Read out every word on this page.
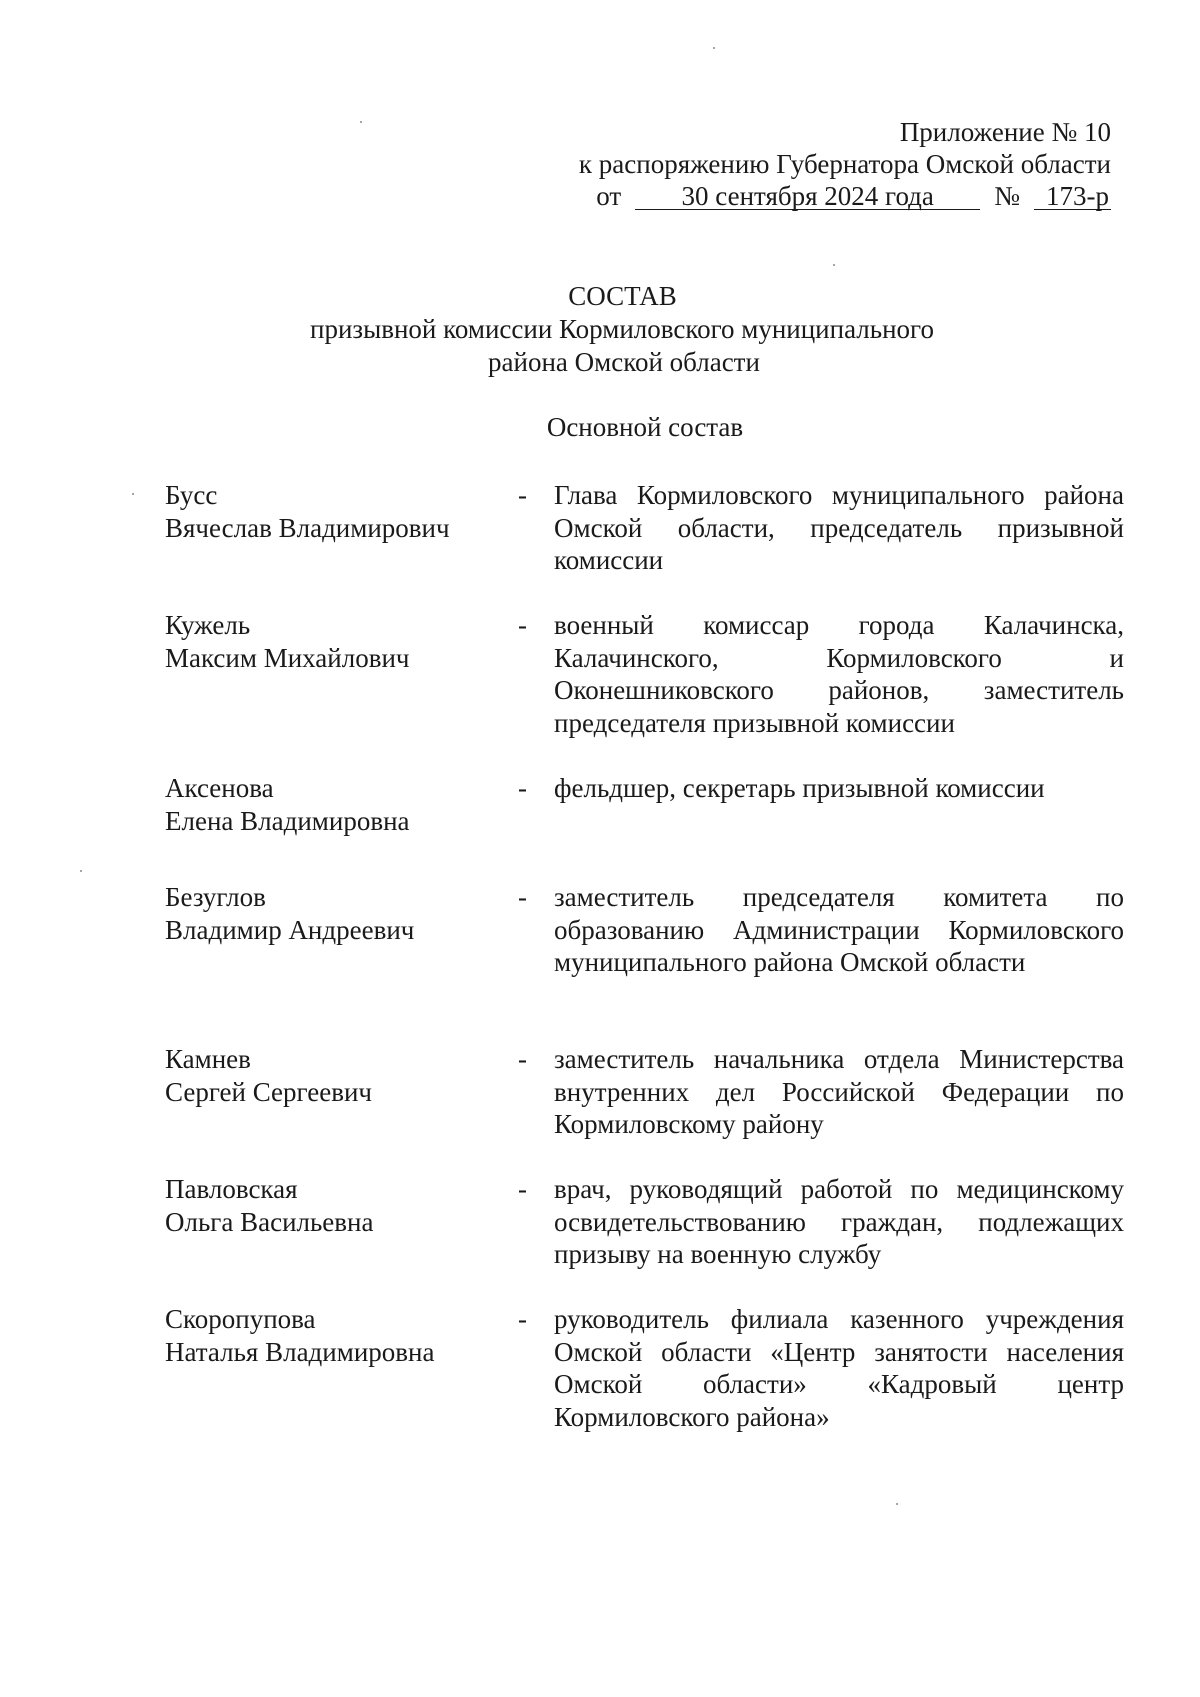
Приложение № 10
к распоряжению Губернатора Омской области
от 30 сентября 2024 года № 173-р
СОСТАВ
призывной комиссии Кормиловского муниципального
района Омской области
Основной состав
Бусс
Вячеслав Владимирович
- Глава Кормиловского муниципального района Омской области, председатель призывной комиссии
Кужель
Максим Михайлович
- военный комиссар города Калачинска, Калачинского, Кормиловского и Оконешниковского районов, заместитель председателя призывной комиссии
Аксенова
Елена Владимировна
- фельдшер, секретарь призывной комиссии
Безуглов
Владимир Андреевич
- заместитель председателя комитета по образованию Администрации Кормиловского муниципального района Омской области
Камнев
Сергей Сергеевич
- заместитель начальника отдела Министерства внутренних дел Российской Федерации по Кормиловскому району
Павловская
Ольга Васильевна
- врач, руководящий работой по медицинскому освидетельствованию граждан, подлежащих призыву на военную службу
Скоропупова
Наталья Владимировна
- руководитель филиала казенного учреждения Омской области «Центр занятости населения Омской области» «Кадровый центр Кормиловского района»
